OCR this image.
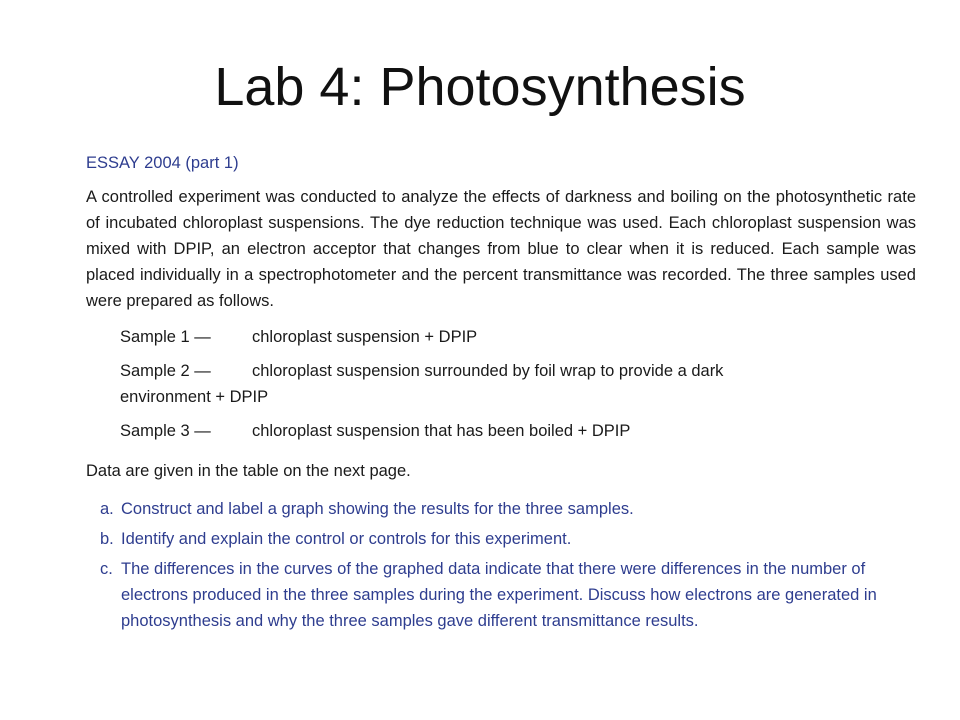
Lab 4: Photosynthesis

ESSAY 2004 (part 1)

A controlled experiment was conducted to analyze the effects of darkness and boiling on the photosynthetic rate of incubated chloroplast suspensions. The dye reduction technique was used. Each chloroplast suspension was mixed with DPIP, an electron acceptor that changes from blue to clear when it is reduced. Each sample was placed individually in a spectrophotometer and the percent transmittance was recorded. The three samples used were prepared as follows.

Sample 1 — chloroplast suspension + DPIP
Sample 2 — chloroplast suspension surrounded by foil wrap to provide a dark environment + DPIP
Sample 3 — chloroplast suspension that has been boiled + DPIP

Data are given in the table on the next page.

a. Construct and label a graph showing the results for the three samples.
b. Identify and explain the control or controls for this experiment.
c. The differences in the curves of the graphed data indicate that there were differences in the number of electrons produced in the three samples during the experiment. Discuss how electrons are generated in photosynthesis and why the three samples gave different transmittance results.
